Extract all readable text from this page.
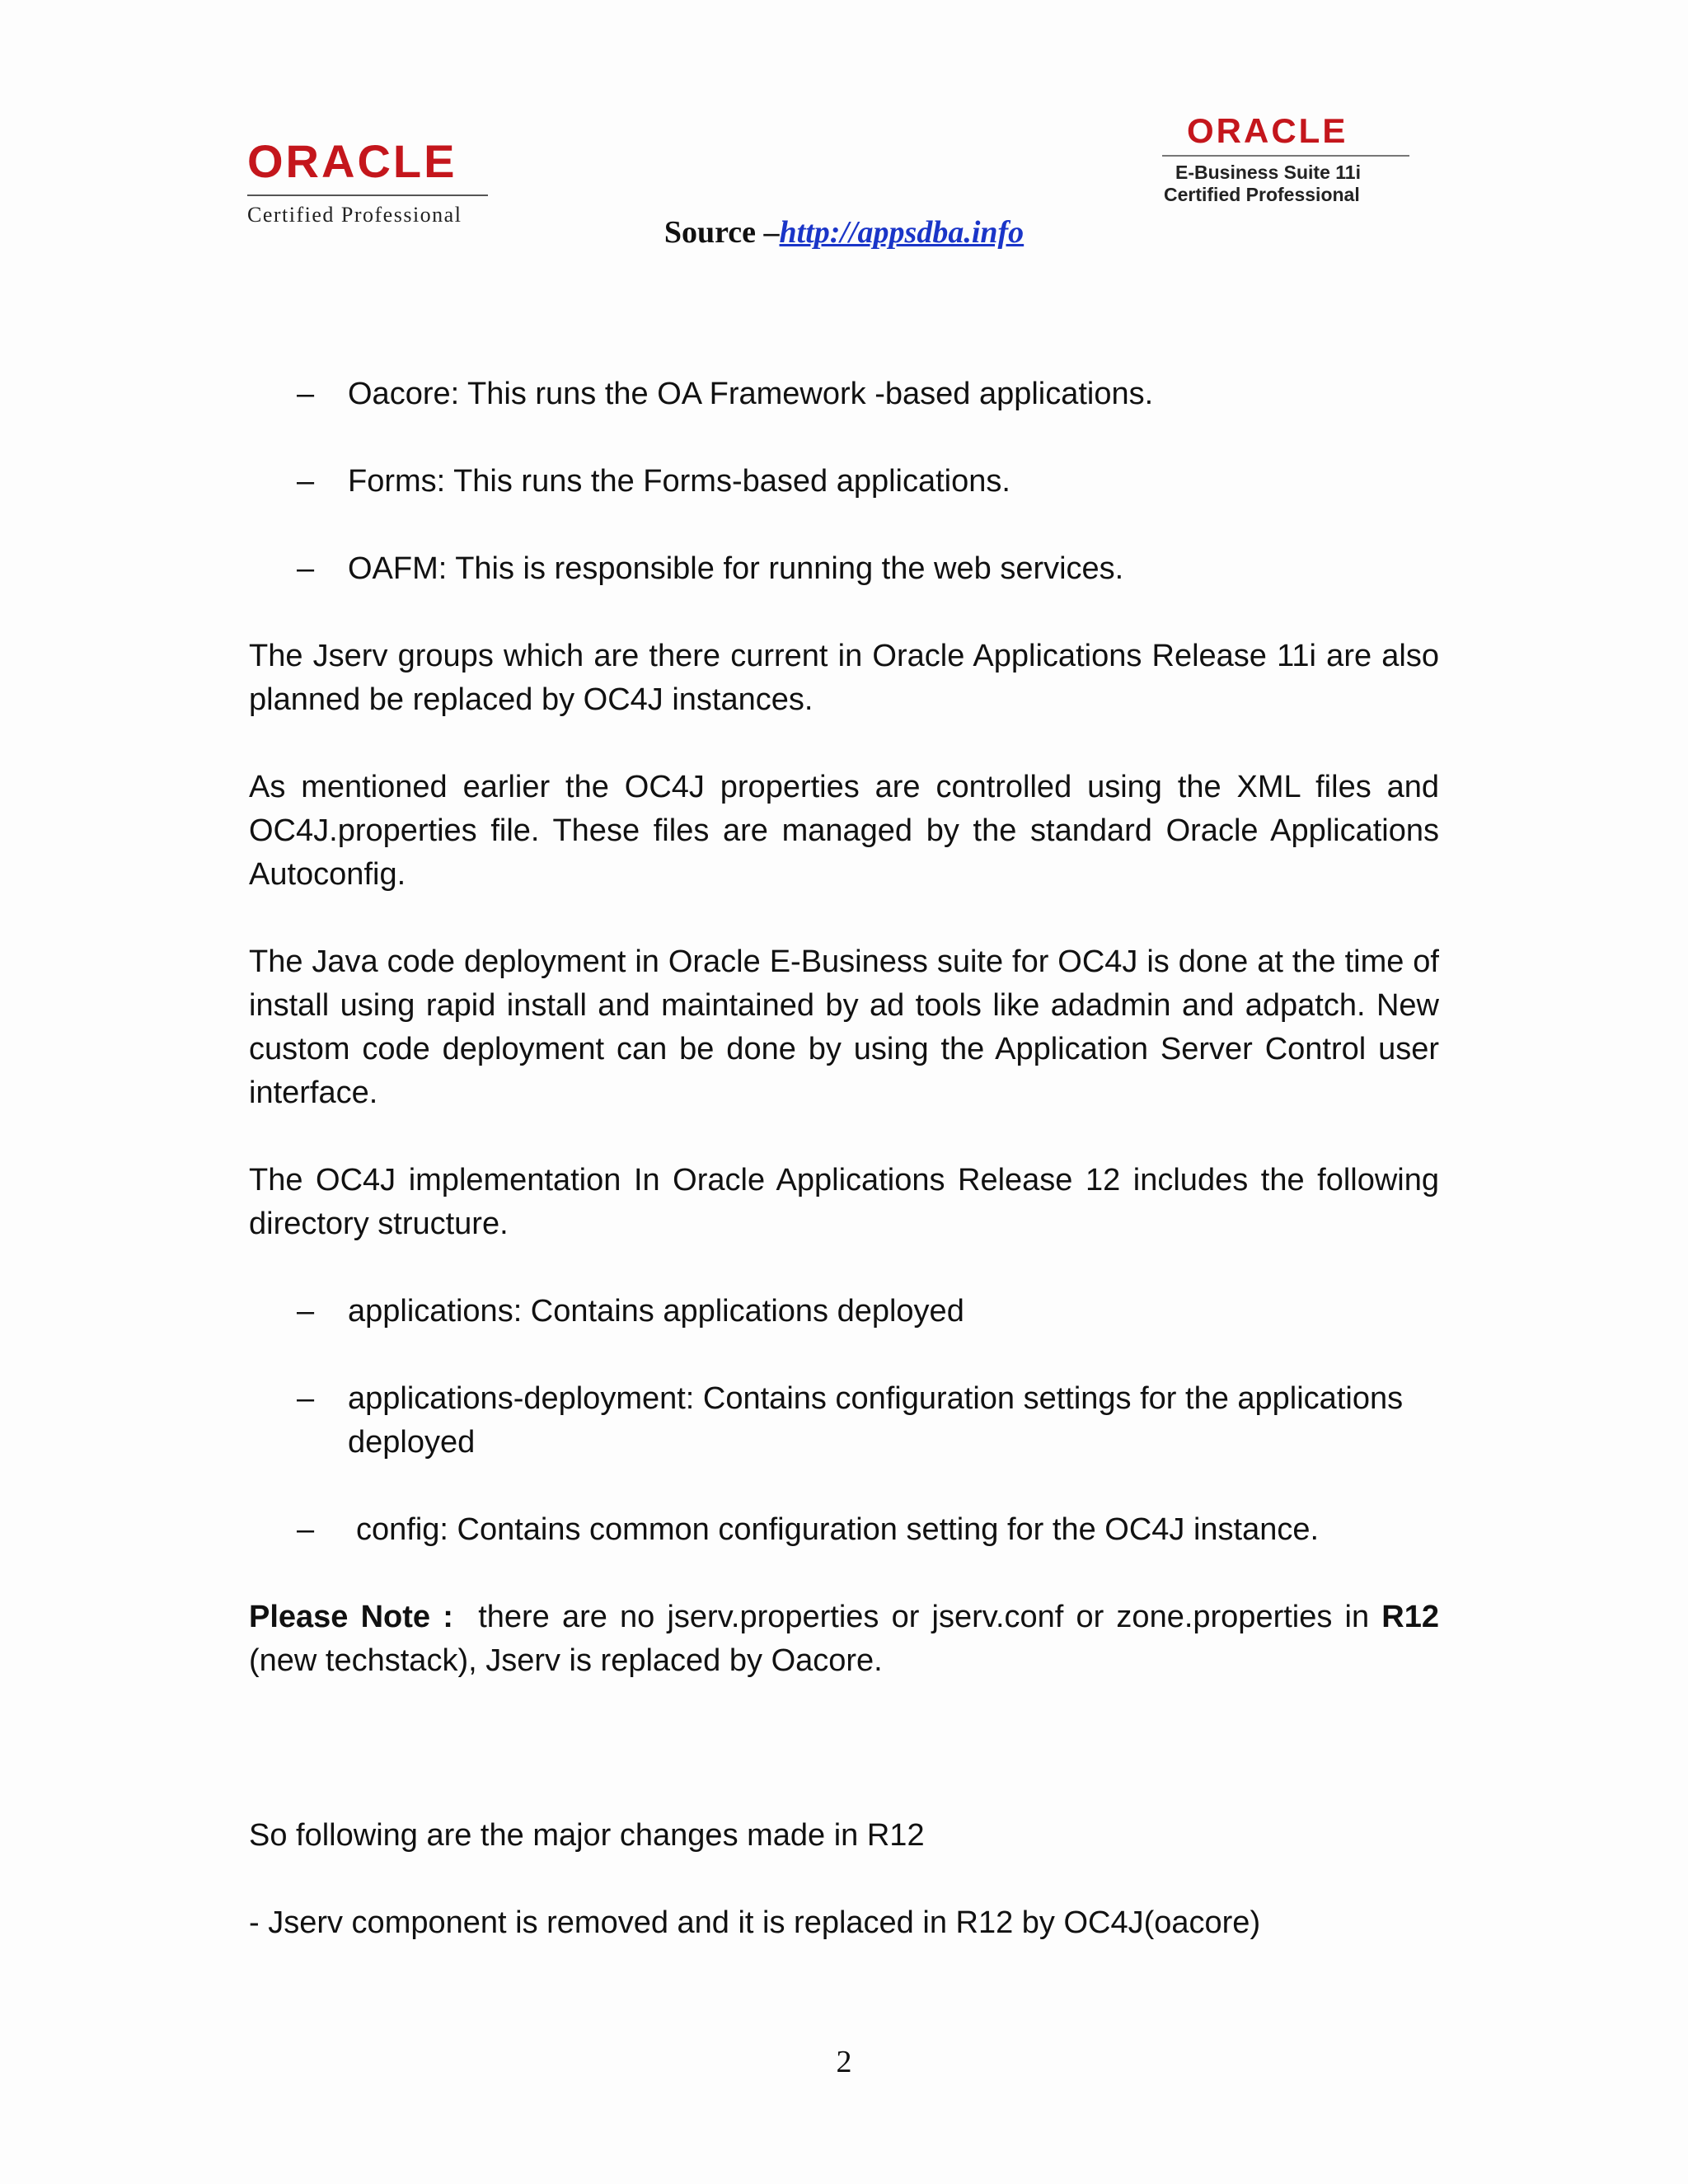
ORACLE
Certified Professional
ORACLE
E-Business Suite 11i
Certified Professional
Source –http://appsdba.info
– Oacore: This runs the OA Framework -based applications.
– Forms: This runs the Forms-based applications.
– OAFM: This is responsible for running the web services.

The Jserv groups which are there current in Oracle Applications Release 11i are also planned be replaced by OC4J instances.

As mentioned earlier the OC4J properties are controlled using the XML files and OC4J.properties file. These files are managed by the standard Oracle Applications Autoconfig.

The Java code deployment in Oracle E-Business suite for OC4J is done at the time of install using rapid install and maintained by ad tools like adadmin and adpatch. New custom code deployment can be done by using the Application Server Control user interface.

The OC4J implementation In Oracle Applications Release 12 includes the following directory structure.

– applications: Contains applications deployed
– applications-deployment: Contains configuration settings for the applications deployed
– config: Contains common configuration setting for the OC4J instance.

Please Note : there are no jserv.properties or jserv.conf or zone.properties in R12 (new techstack), Jserv is replaced by Oacore.

So following are the major changes made in R12

- Jserv component is removed and it is replaced in R12 by OC4J(oacore)

2
